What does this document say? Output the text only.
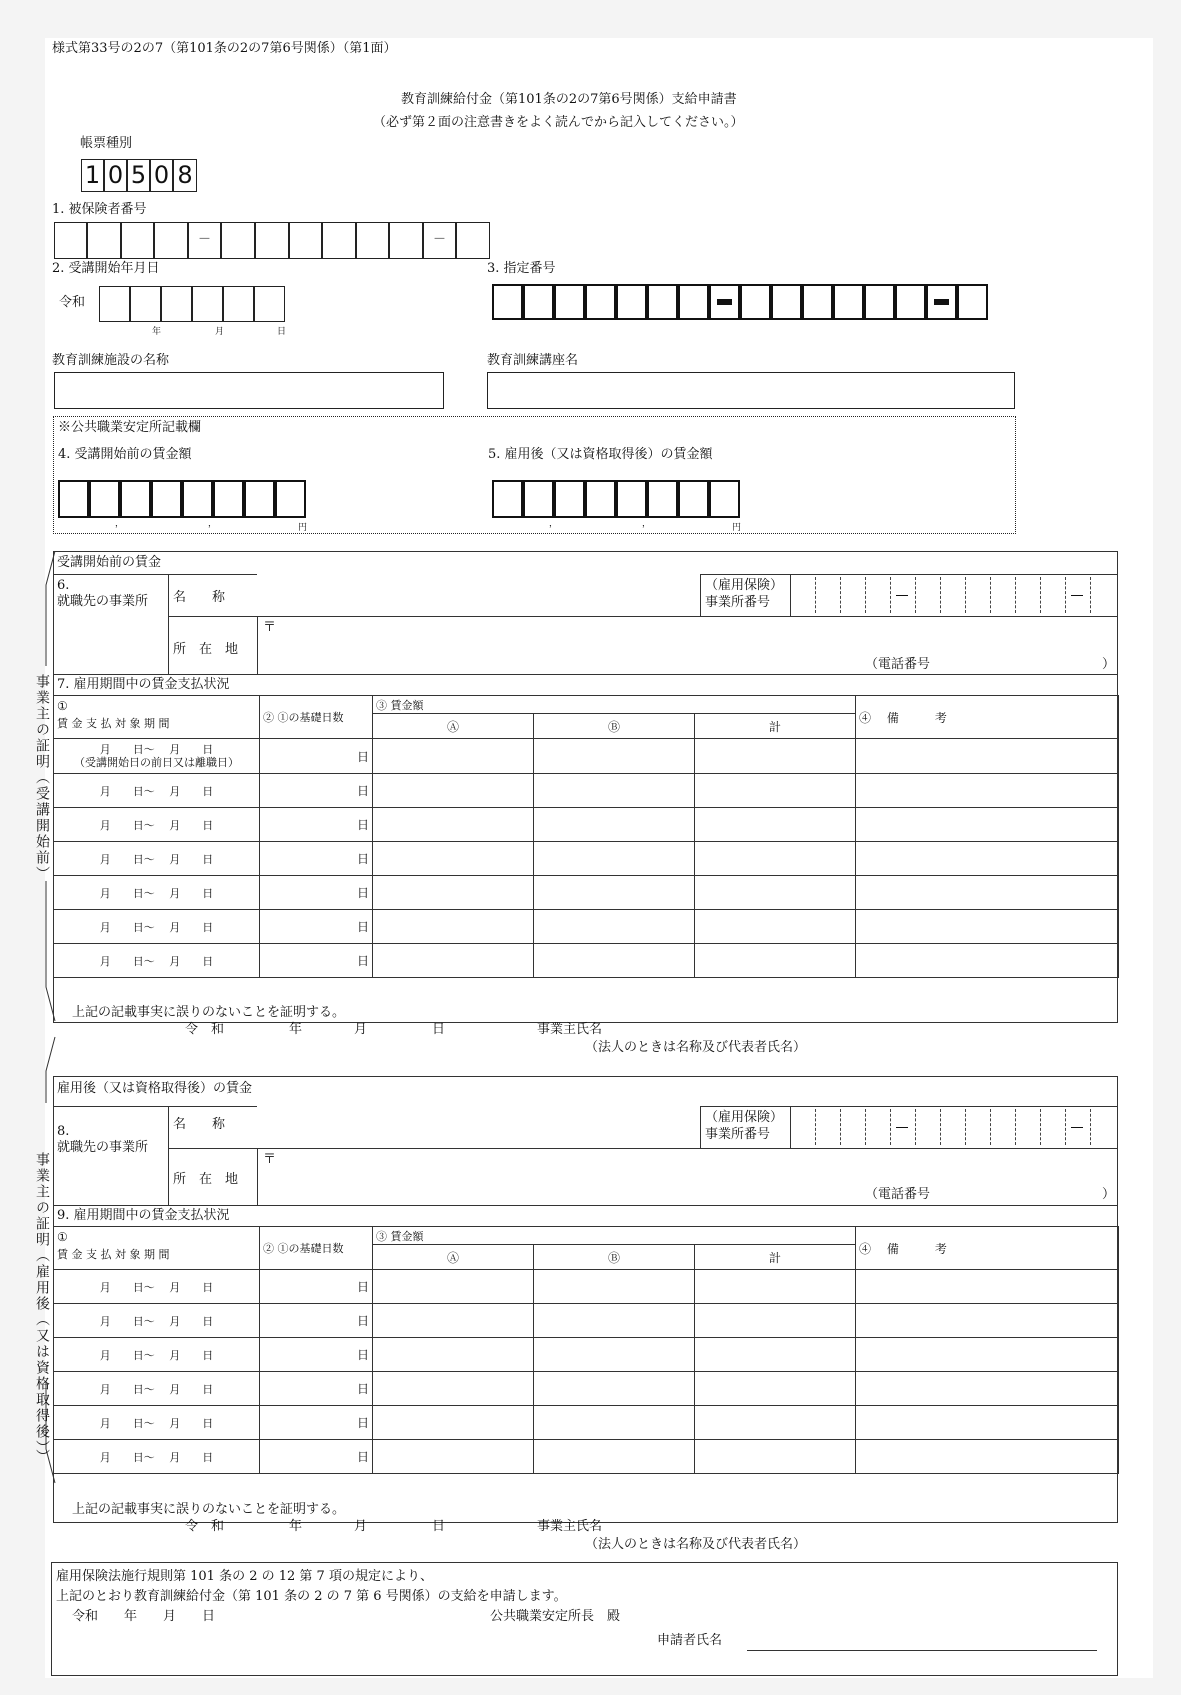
様式第33号の2の7（第101条の2の7第6号関係）（第1面）
教育訓練給付金（第101条の2の7第6号関係）支給申請書
（必ず第２面の注意書きをよく読んでから記入してください。）
帳票種別
1 0 5 0 8
1. 被保険者番号
－	－
2. 受講開始年月日
令和
年	月	日
3. 指定番号
教育訓練施設の名称	教育訓練講座名
※公共職業安定所記載欄
4. 受講開始前の賃金額	5. 雇用後（又は資格取得後）の賃金額
，	，	円	，	，	円
事業主の証明（受講開始前）
事業主の証明（雇用後（又は資格取得後））
受講開始前の賃金
6.
就職先の事業所 名　　称
（雇用保険）
事業所番号
所　在　地
〒
（電話番号	）
7. 雇用期間中の賃金支払状況
①
賃 金 支 払 対 象 期 間	② ①の基礎日数	③ 賃金額			④　 備　　　考
		Ⓐ	Ⓑ	計	
月　　日～　 月　　日
（受講開始日の前日又は離職日）	日				
月　　日～　 月　　日	日				
月　　日～　 月　　日	日				
月　　日～　 月　　日	日				
月　　日～　 月　　日	日				
月　　日～　 月　　日	日				
月　　日～　 月　　日	日				
上記の記載事実に誤りのないことを証明する。
令　和　　　　　年　　　　月　　　　　日	事業主氏名
（法人のときは名称及び代表者氏名）
雇用後（又は資格取得後）の賃金
8.
就職先の事業所
名　　称	（雇用保険）
事業所番号
所　在　地
〒
（電話番号	）
9. 雇用期間中の賃金支払状況
①
賃 金 支 払 対 象 期 間	② ①の基礎日数	③ 賃金額			④　 備　　　考
		Ⓐ	Ⓑ	計	
月　　日～　 月　　日	日				
月　　日～　 月　　日	日				
月　　日～　 月　　日	日				
月　　日～　 月　　日	日				
月　　日～　 月　　日	日				
月　　日～　 月　　日	日				
上記の記載事実に誤りのないことを証明する。
令　和　　　　　年　　　　月　　　　　日	事業主氏名
（法人のときは名称及び代表者氏名）
雇用保険法施行規則第 101 条の 2 の 12 第 7 項の規定により、
上記のとおり教育訓練給付金（第 101 条の 2 の 7 第 6 号関係）の支給を申請します。
令和　　年　　月　　日	公共職業安定所長　殿
申請者氏名
